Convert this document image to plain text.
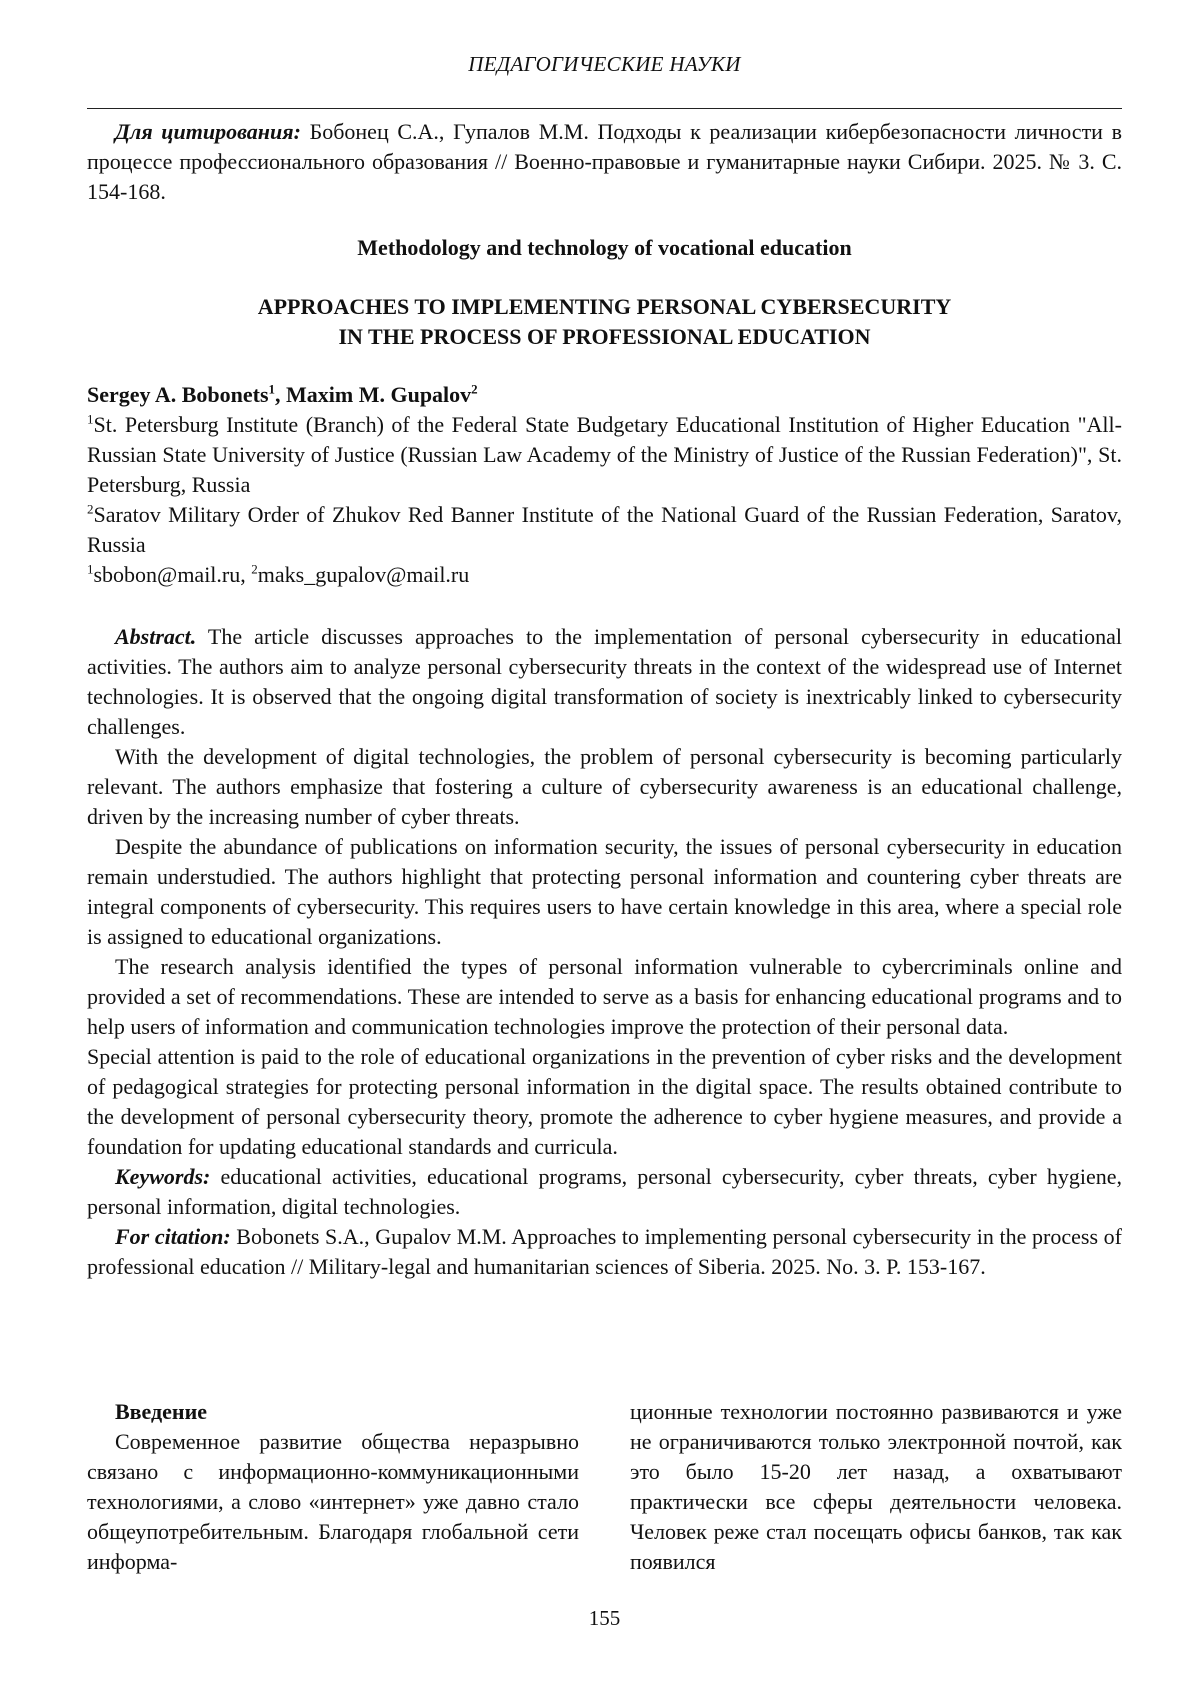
ПЕДАГОГИЧЕСКИЕ НАУКИ

Для цитирования: Бобонец С.А., Гупалов М.М. Подходы к реализации кибербезопасности личности в процессе профессионального образования // Военно-правовые и гуманитарные науки Сибири. 2025. № 3. С. 154-168.

Methodology and technology of vocational education
APPROACHES TO IMPLEMENTING PERSONAL CYBERSECURITY
IN THE PROCESS OF PROFESSIONAL EDUCATION

Sergey A. Bobonets$^1$, Maxim M. Gupalov$^2$

$^1$St. Petersburg Institute (Branch) of the Federal State Budgetary Educational Institution of Higher Education "All-Russian State University of Justice (Russian Law Academy of the Ministry of Justice of the Russian Federation)", St. Petersburg, Russia

$^2$Saratov Military Order of Zhukov Red Banner Institute of the National Guard of the Russian Federation, Saratov, Russia

$^1$sbobon@mail.ru, $^2$maks_gupalov@mail.ru

Abstract. The article discusses approaches to the implementation of personal cybersecurity in educational activities. The authors aim to analyze personal cybersecurity threats in the context of the widespread use of Internet technologies. It is observed that the ongoing digital transformation of society is inextricably linked to cybersecurity challenges.

With the development of digital technologies, the problem of personal cybersecurity is becoming particularly relevant. The authors emphasize that fostering a culture of cybersecurity awareness is an educational challenge, driven by the increasing number of cyber threats.

Despite the abundance of publications on information security, the issues of personal cybersecurity in education remain understudied. The authors highlight that protecting personal information and countering cyber threats are integral components of cybersecurity. This requires users to have certain knowledge in this area, where a special role is assigned to educational organizations.

The research analysis identified the types of personal information vulnerable to cybercriminals online and provided a set of recommendations. These are intended to serve as a basis for enhancing educational programs and to help users of information and communication technologies improve the protection of their personal data.

Special attention is paid to the role of educational organizations in the prevention of cyber risks and the development of pedagogical strategies for protecting personal information in the digital space. The results obtained contribute to the development of personal cybersecurity theory, promote the adherence to cyber hygiene measures, and provide a foundation for updating educational standards and curricula.

Keywords: educational activities, educational programs, personal cybersecurity, cyber threats, cyber hygiene, personal information, digital technologies.

For citation: Bobonets S.A., Gupalov M.M. Approaches to implementing personal cybersecurity in the process of professional education // Military-legal and humanitarian sciences of Siberia. 2025. No. 3. P. 153-167.

Введение

Современное развитие общества неразрывно связано с информационно-коммуникационными технологиями, а слово «интернет» уже давно стало общеупотребительным. Благодаря глобальной сети информа-

ционные технологии постоянно развиваются и уже не ограничиваются только электронной почтой, как это было 15-20 лет назад, а охватывают практически все сферы деятельности человека. Человек реже стал посещать офисы банков, так как появился

155
